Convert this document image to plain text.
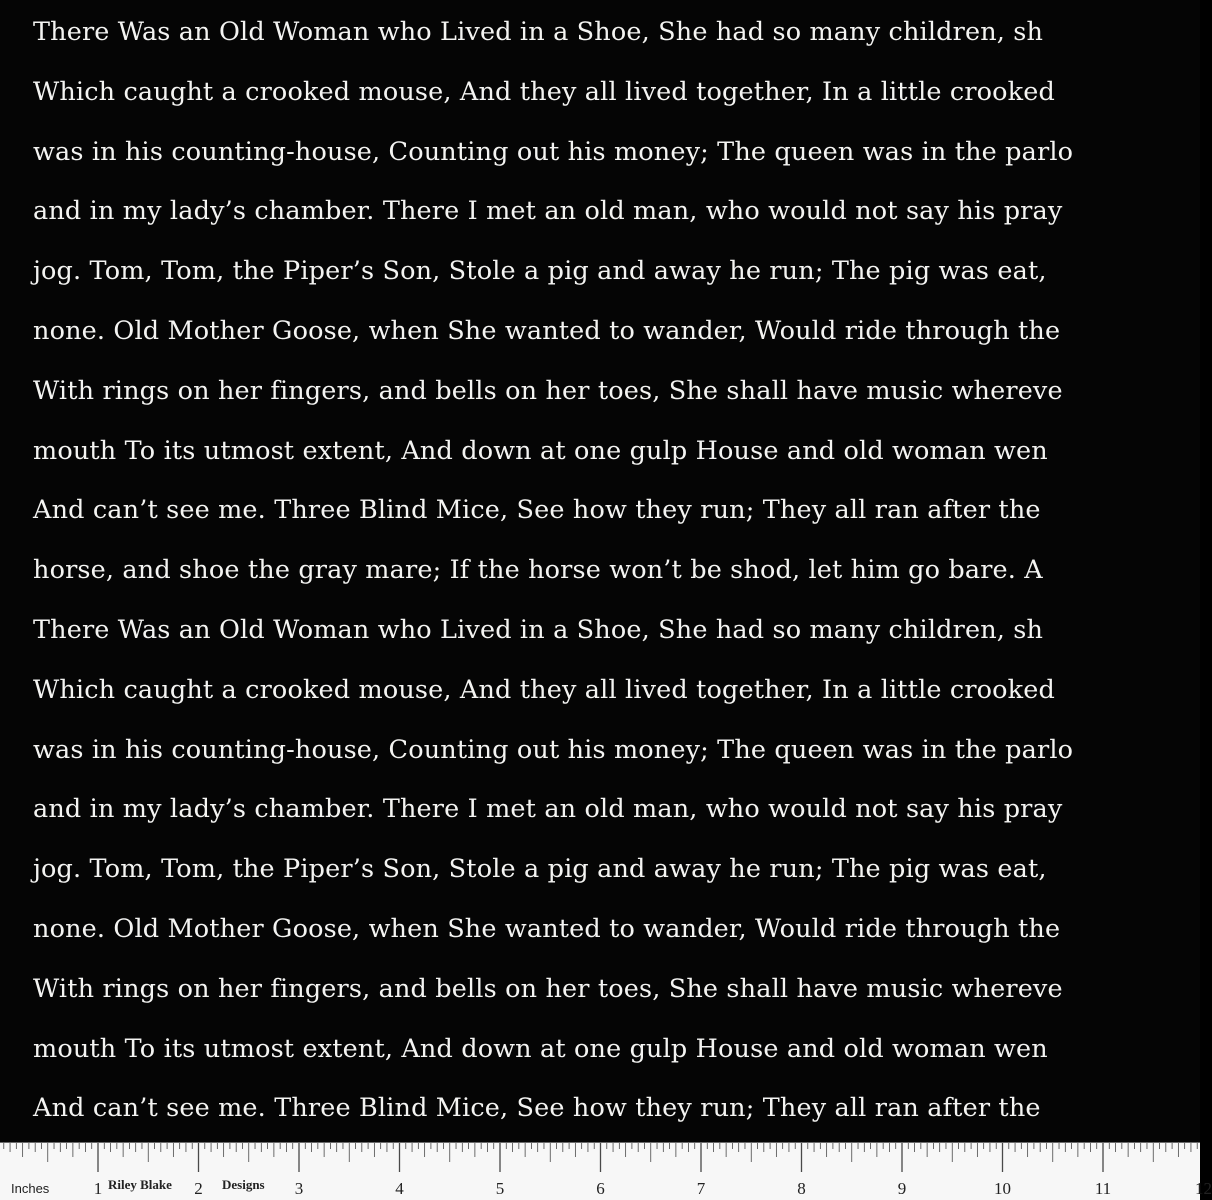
There Was an Old Woman who Lived in a Shoe, She had so many children, sh
Which caught a crooked mouse, And they all lived together, In a little crooked
was in his counting-house, Counting out his money; The queen was in the parlo
and in my lady’s chamber. There I met an old man, who would not say his pray
jog. Tom, Tom, the Piper’s Son, Stole a pig and away he run; The pig was eat,
none. Old Mother Goose, when She wanted to wander, Would ride through the
With rings on her fingers, and bells on her toes, She shall have music whereve
mouth To its utmost extent, And down at one gulp House and old woman wen
And can’t see me. Three Blind Mice, See how they run; They all ran after the
horse, and shoe the gray mare; If the horse won’t be shod, let him go bare. A
There Was an Old Woman who Lived in a Shoe, She had so many children, sh
Which caught a crooked mouse, And they all lived together, In a little crooked
was in his counting-house, Counting out his money; The queen was in the parlo
and in my lady’s chamber. There I met an old man, who would not say his pray
jog. Tom, Tom, the Piper’s Son, Stole a pig and away he run; The pig was eat,
none. Old Mother Goose, when She wanted to wander, Would ride through the
With rings on her fingers, and bells on her toes, She shall have music whereve
mouth To its utmost extent, And down at one gulp House and old woman wen
And can’t see me. Three Blind Mice, See how they run; They all ran after the
Inches	Riley Blake	Designs
1	2	3	4	5	6	7	8	9	10	11	12
